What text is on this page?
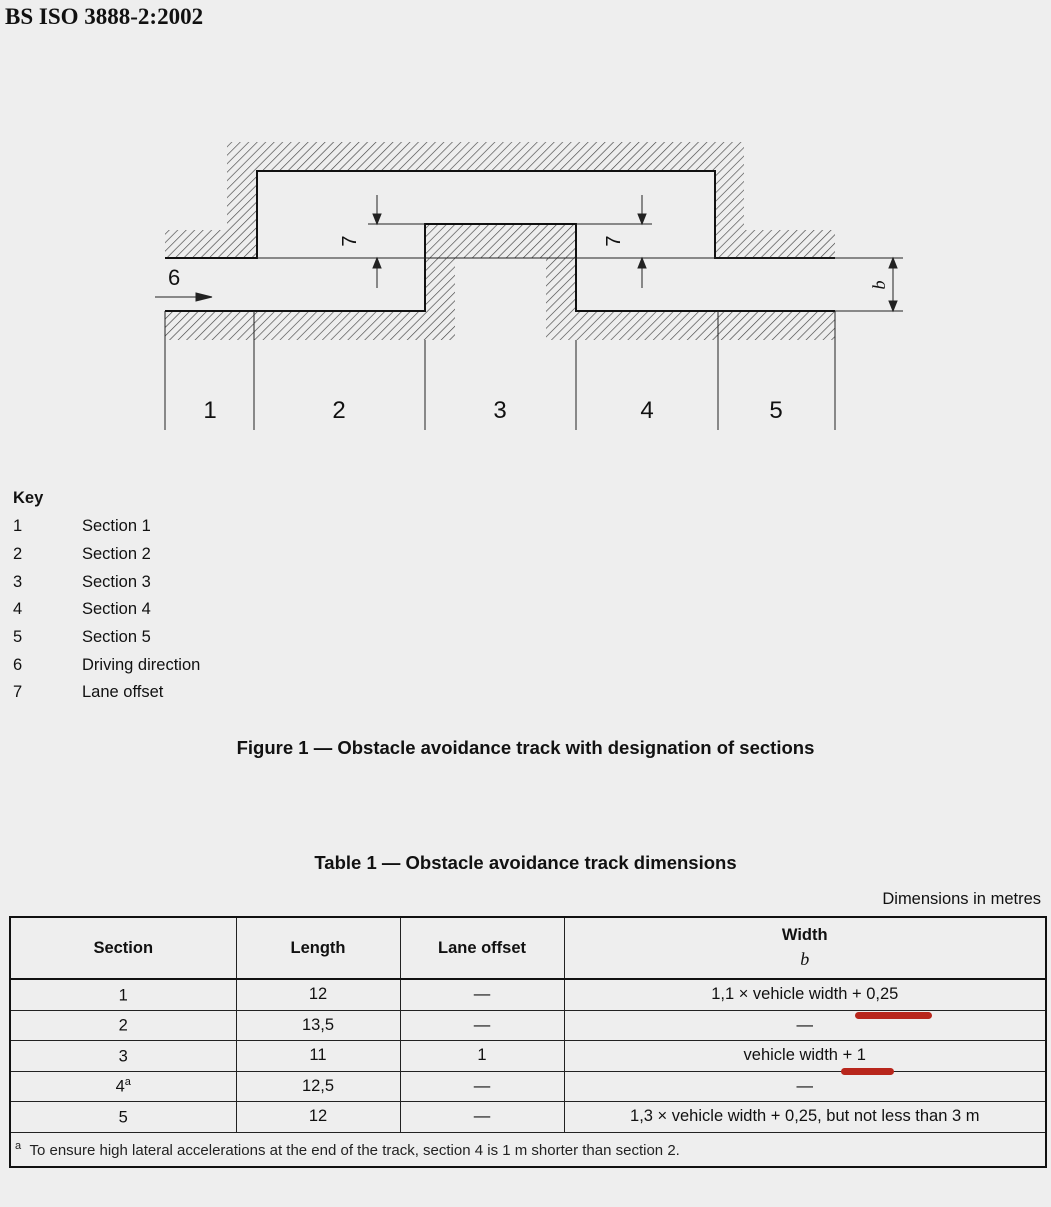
BS ISO 3888-2:2002
6
7	7
b
1	2	3	4	5
Key
1	Section 1
2	Section 2
3	Section 3
4	Section 4
5	Section 5
6	Driving direction
7	Lane offset
Figure 1 — Obstacle avoidance track with designation of sections
Table 1 — Obstacle avoidance track dimensions
Dimensions in metres
Section	Length	Lane offset	Width
b

1	12	—	1,1 × vehicle width + 0,25
2	13,5	—	—
3	11	1	vehicle width + 1
4$^a$	12,5	—	—
5	12	—	1,3 × vehicle width + 0,25, but not less than 3 m
$^a$ To ensure high lateral accelerations at the end of the track, section 4 is 1 m shorter than section 2.			
